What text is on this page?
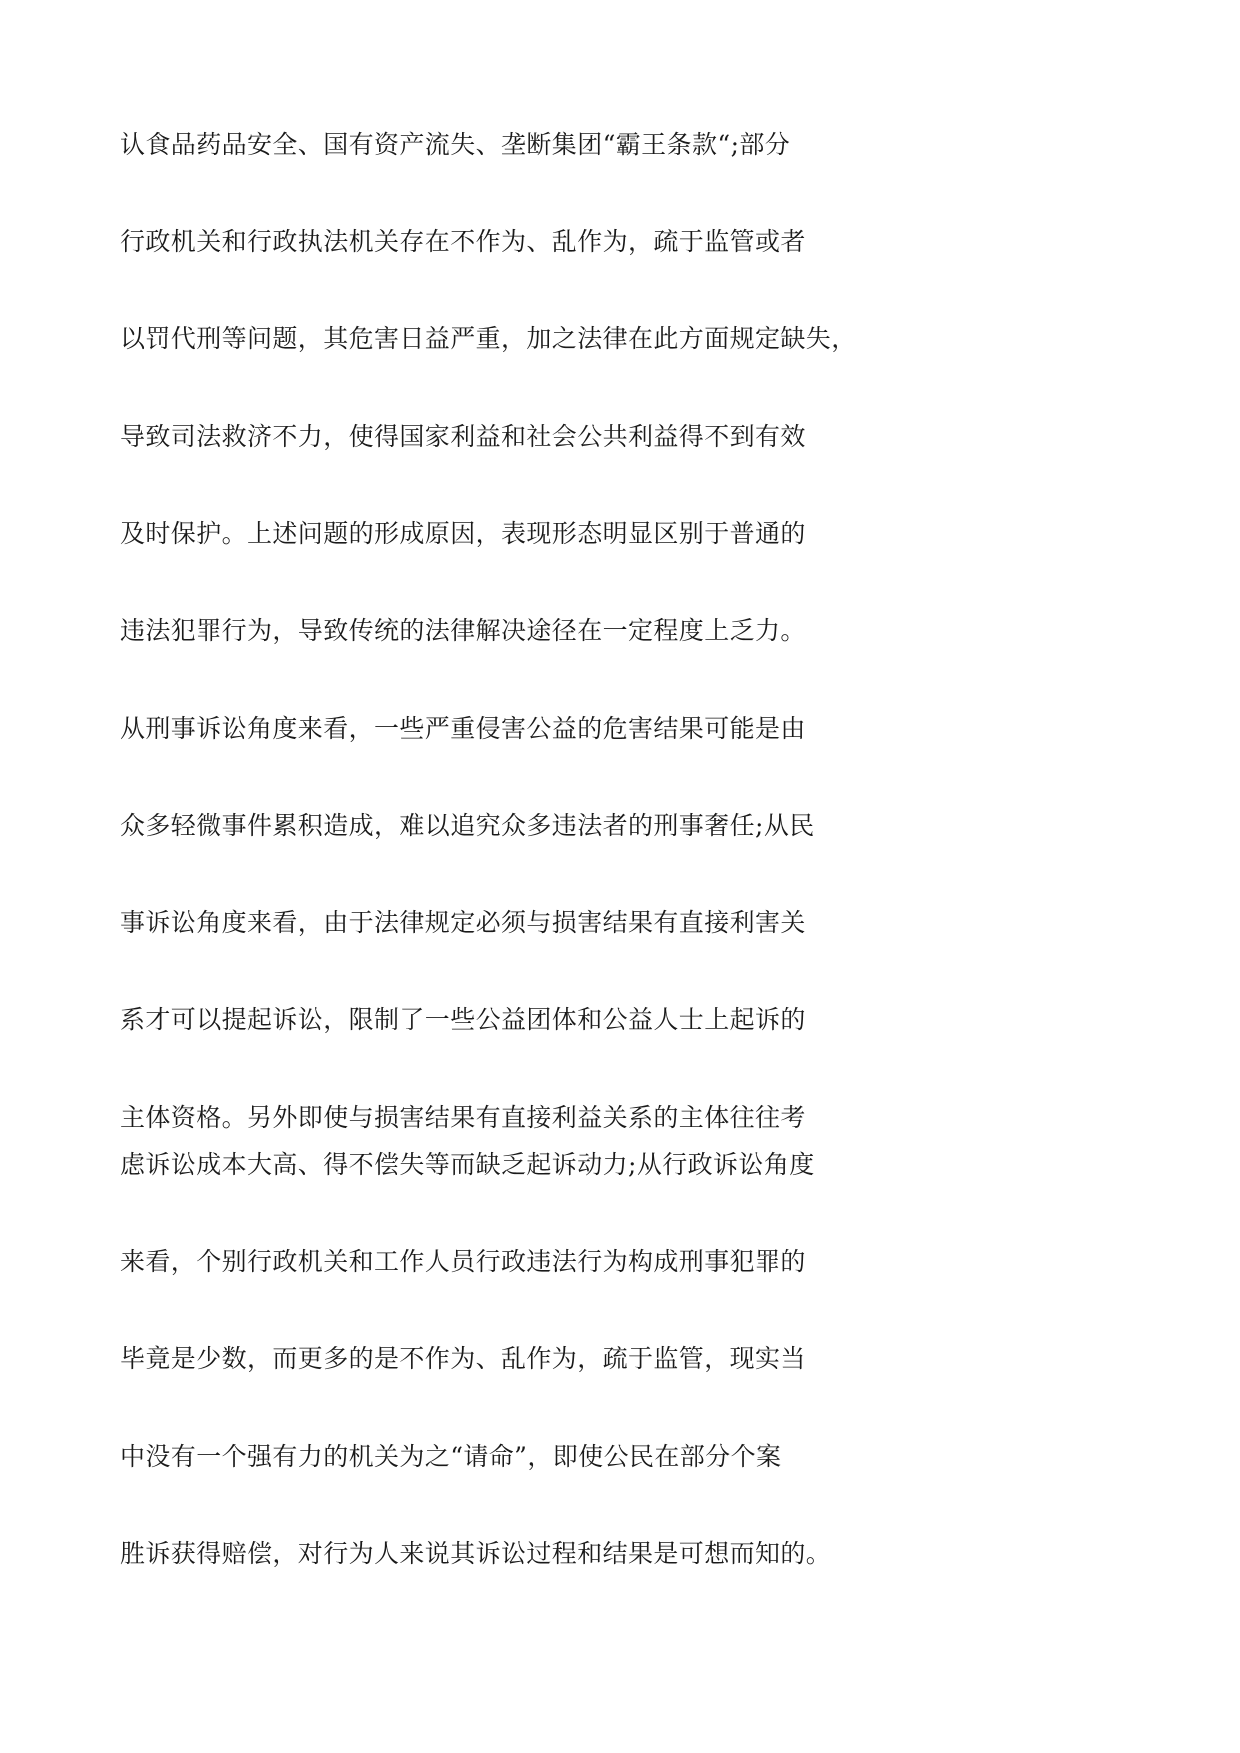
认食品药品安全、国有资产流失、垄断集团“霸王条款“;部分

行政机关和行政执法机关存在不作为、乱作为，疏于监管或者

以罚代刑等问题，其危害日益严重，加之法律在此方面规定缺失，

导致司法救济不力，使得国家利益和社会公共利益得不到有效

及时保护。上述问题的形成原因，表现形态明显区别于普通的

违法犯罪行为，导致传统的法律解决途径在一定程度上乏力。

从刑事诉讼角度来看，一些严重侵害公益的危害结果可能是由

众多轻微事件累积造成，难以追究众多违法者的刑事奢任;从民

事诉讼角度来看，由于法律规定必须与损害结果有直接利害关

系才可以提起诉讼，限制了一些公益团体和公益人士上起诉的

主体资格。另外即使与损害结果有直接利益关系的主体往往考

虑诉讼成本大高、得不偿失等而缺乏起诉动力;从行政诉讼角度

来看，个别行政机关和工作人员行政违法行为构成刑事犯罪的

毕竟是少数，而更多的是不作为、乱作为，疏于监管，现实当

中没有一个强有力的机关为之“请命”，即使公民在部分个案

胜诉获得赔偿，对行为人来说其诉讼过程和结果是可想而知的。
